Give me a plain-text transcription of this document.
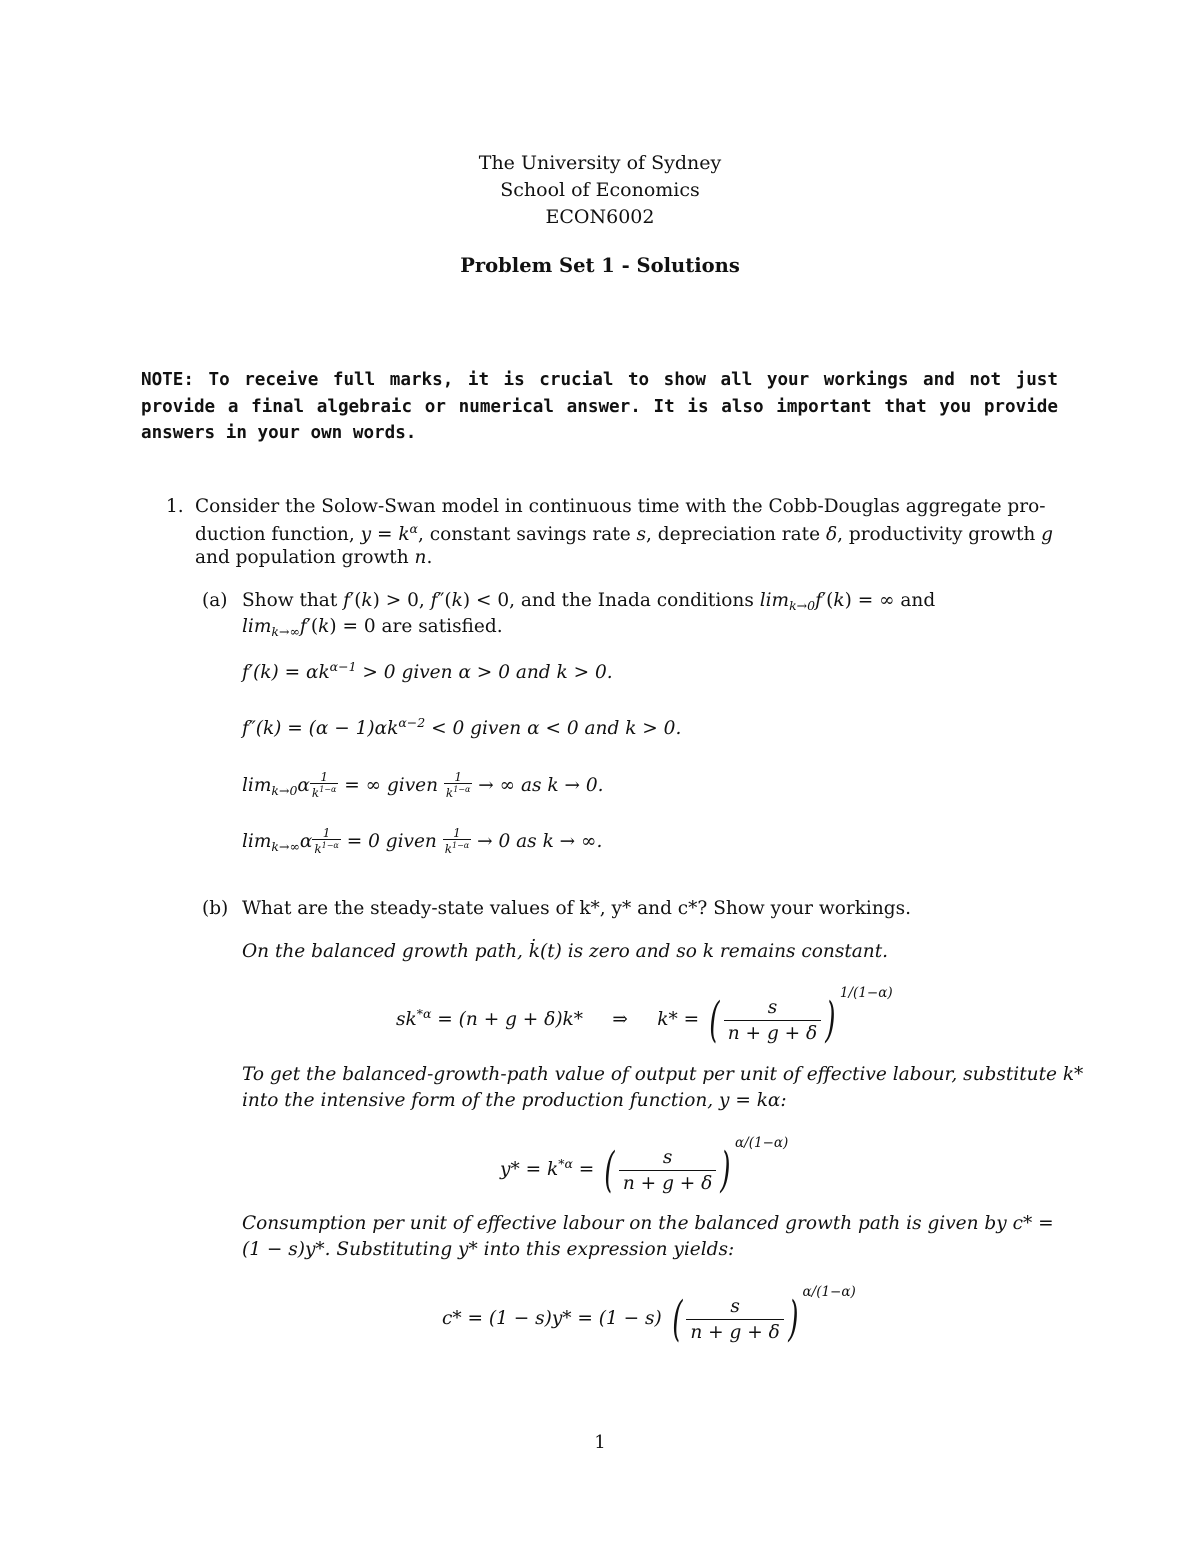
The University of Sydney
School of Economics
ECON6002
Problem Set 1 - Solutions
NOTE: To receive full marks, it is crucial to show all your workings and not just provide a final algebraic or numerical answer. It is also important that you provide answers in your own words.
1. Consider the Solow-Swan model in continuous time with the Cobb-Douglas aggregate pro-
duction function, $y = k^\alpha$, constant savings rate s, depreciation rate δ, productivity growth g
and population growth n.
(a) Show that f′(k) > 0, f″(k) < 0, and the Inada conditions $\lim_{k\to 0}f'(k)$ = ∞ and
$\lim_{k\to\infty}f'(k) = 0$ are satisfied.
$f'(k) = \alpha k^{\alpha-1} > 0$ given α > 0 and k > 0.
$f''(k) = (\alpha - 1)\alpha k^{\alpha-2} < 0$ given α < 0 and k > 0.
$\lim_{k\to 0}\alpha \frac{1}{k^{1-\alpha}}$ = ∞ given $\frac{1}{k^{1-\alpha}}$ → ∞ as k → 0.
$\lim_{k\to\infty}\alpha \frac{1}{k^{1-\alpha}} = 0$ given $\frac{1}{k^{1-\alpha}} \to 0$ as k → ∞.
(b) What are the steady-state values of k*, y* and c*? Show your workings.
On the balanced growth path, k̇(t) is zero and so k remains constant.
$sk^{*\alpha} = (n + g + \delta)k*$     ⇒     k* = ( $\frac{s}{n + g + \delta}$ ) $^{1/(1-\alpha)}$
To get the balanced-growth-path value of output per unit of effective labour, substitute k*
into the intensive form of the production function, y = kα:
$y* = k^{*\alpha}$ = ( $\frac{s}{n + g + \delta}$ ) $^{\alpha/(1-\alpha)}$
Consumption per unit of effective labour on the balanced growth path is given by c* =
(1 − s)y*. Substituting y* into this expression yields:
c* = (1 − s)y* = (1 − s) ( $\frac{s}{n + g + \delta}$ ) $^{\alpha/(1-\alpha)}$
1
